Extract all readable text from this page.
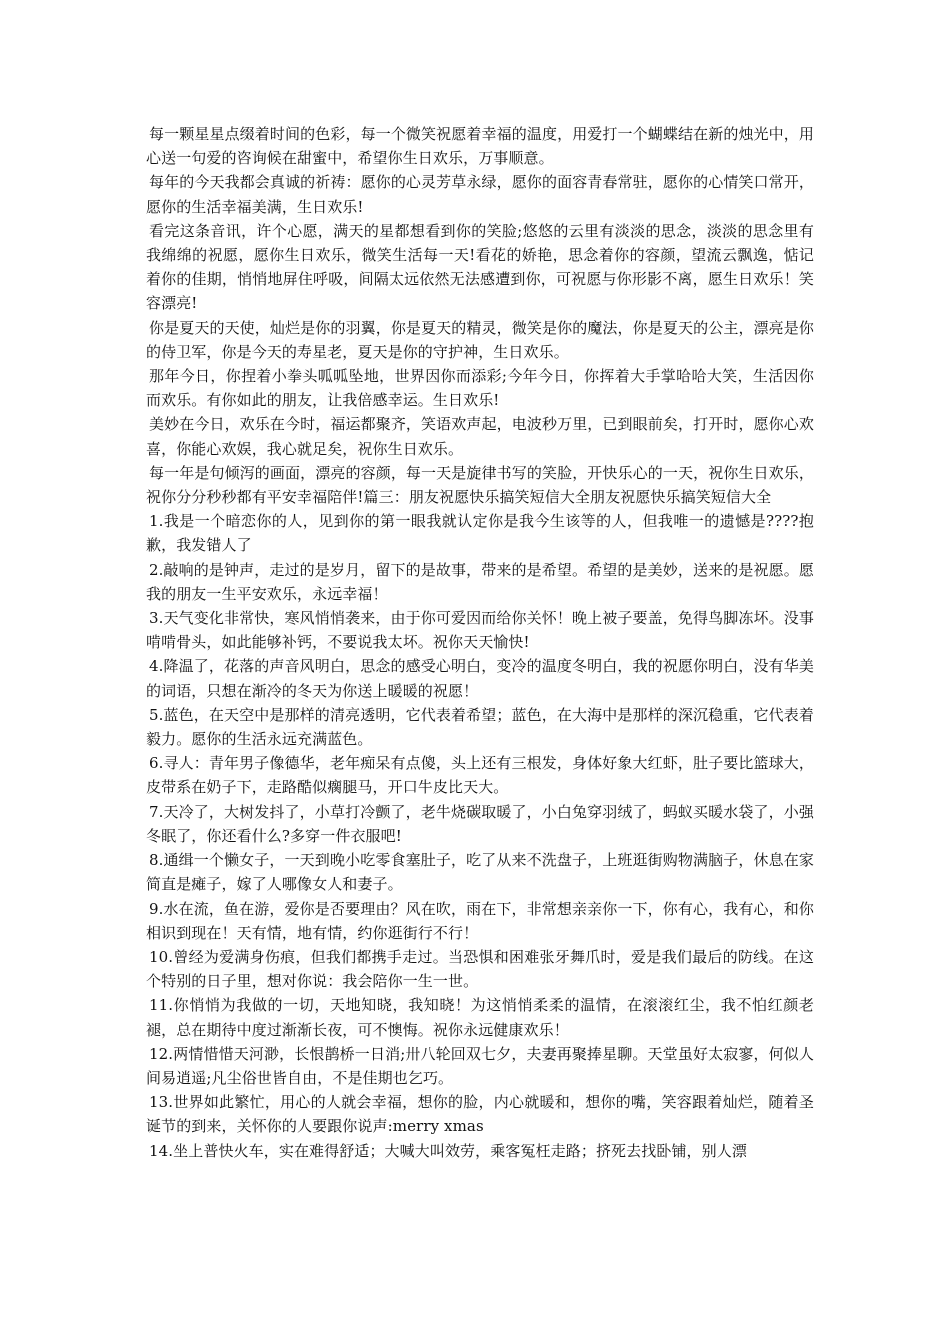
每一颗星星点缀着时间的色彩，每一个微笑祝愿着幸福的温度，用爱打一个蝴蝶结在新的烛光中，用心送一句爱的咨询候在甜蜜中，希望你生日欢乐，万事顺意。

每年的今天我都会真诚的祈祷：愿你的心灵芳草永绿，愿你的面容青春常驻，愿你的心情笑口常开，愿你的生活幸福美满，生日欢乐!

看完这条音讯，许个心愿，满天的星都想看到你的笑脸;悠悠的云里有淡淡的思念，淡淡的思念里有我绵绵的祝愿，愿你生日欢乐，微笑生活每一天!看花的娇艳，思念着你的容颜，望流云飘逸，惦记着你的佳期，悄悄地屏住呼吸，间隔太远依然无法感遭到你，可祝愿与你形影不离，愿生日欢乐！笑容漂亮!

你是夏天的天使，灿烂是你的羽翼，你是夏天的精灵，微笑是你的魔法，你是夏天的公主，漂亮是你的侍卫军，你是今天的寿星老，夏天是你的守护神，生日欢乐。

那年今日，你捏着小拳头呱呱坠地，世界因你而添彩;今年今日，你挥着大手掌哈哈大笑，生活因你而欢乐。有你如此的朋友，让我倍感幸运。生日欢乐!

美妙在今日，欢乐在今时，福运都聚齐，笑语欢声起，电波秒万里，已到眼前矣，打开时，愿你心欢喜，你能心欢娱，我心就足矣，祝你生日欢乐。

每一年是句倾泻的画面，漂亮的容颜，每一天是旋律书写的笑脸，开快乐心的一天，祝你生日欢乐，祝你分分秒秒都有平安幸福陪伴!篇三：朋友祝愿快乐搞笑短信大全朋友祝愿快乐搞笑短信大全

1.我是一个暗恋你的人，见到你的第一眼我就认定你是我今生该等的人，但我唯一的遗憾是????抱歉，我发错人了

2.敲响的是钟声，走过的是岁月，留下的是故事，带来的是希望。希望的是美妙，送来的是祝愿。愿我的朋友一生平安欢乐，永远幸福！

3.天气变化非常快，寒风悄悄袭来，由于你可爱因而给你关怀！晚上被子要盖，免得鸟脚冻坏。没事啃啃骨头，如此能够补钙，不要说我太坏。祝你天天愉快!

4.降温了，花落的声音风明白，思念的感受心明白，变冷的温度冬明白，我的祝愿你明白，没有华美的词语，只想在渐冷的冬天为你送上暖暖的祝愿！

5.蓝色，在天空中是那样的清亮透明，它代表着希望；蓝色，在大海中是那样的深沉稳重，它代表着毅力。愿你的生活永远充满蓝色。

6.寻人：青年男子像德华，老年痴呆有点傻，头上还有三根发，身体好象大红虾，肚子要比篮球大，皮带系在奶子下，走路酷似瘸腿马，开口牛皮比天大。

7.天冷了，大树发抖了，小草打冷颤了，老牛烧碳取暖了，小白兔穿羽绒了，蚂蚁买暖水袋了，小强冬眠了，你还看什么?多穿一件衣服吧!

8.通缉一个懒女子，一天到晚小吃零食塞肚子，吃了从来不洗盘子，上班逛街购物满脑子，休息在家简直是瘫子，嫁了人哪像女人和妻子。

9.水在流，鱼在游，爱你是否要理由？风在吹，雨在下，非常想亲亲你一下，你有心，我有心，和你相识到现在！天有情，地有情，约你逛街行不行！

10.曾经为爱满身伤痕，但我们都携手走过。当恐惧和困难张牙舞爪时，爱是我们最后的防线。在这个特别的日子里，想对你说：我会陪你一生一世。

11.你悄悄为我做的一切，天地知晓，我知晓！为这悄悄柔柔的温情，在滚滚红尘，我不怕红颜老褪，总在期待中度过渐渐长夜，可不懊悔。祝你永远健康欢乐！

12.两情惜惜天河渺，长恨鹊桥一日消;卅八轮回双七夕，夫妻再聚捧星聊。天堂虽好太寂寥，何似人间易逍遥;凡尘俗世皆自由，不是佳期也乞巧。

13.世界如此繁忙，用心的人就会幸福，想你的脸，内心就暖和，想你的嘴，笑容跟着灿烂，随着圣诞节的到来，关怀你的人要跟你说声:merry xmas

14.坐上普快火车，实在难得舒适；大喊大叫效劳，乘客冤枉走路；挤死去找卧铺，别人漂
